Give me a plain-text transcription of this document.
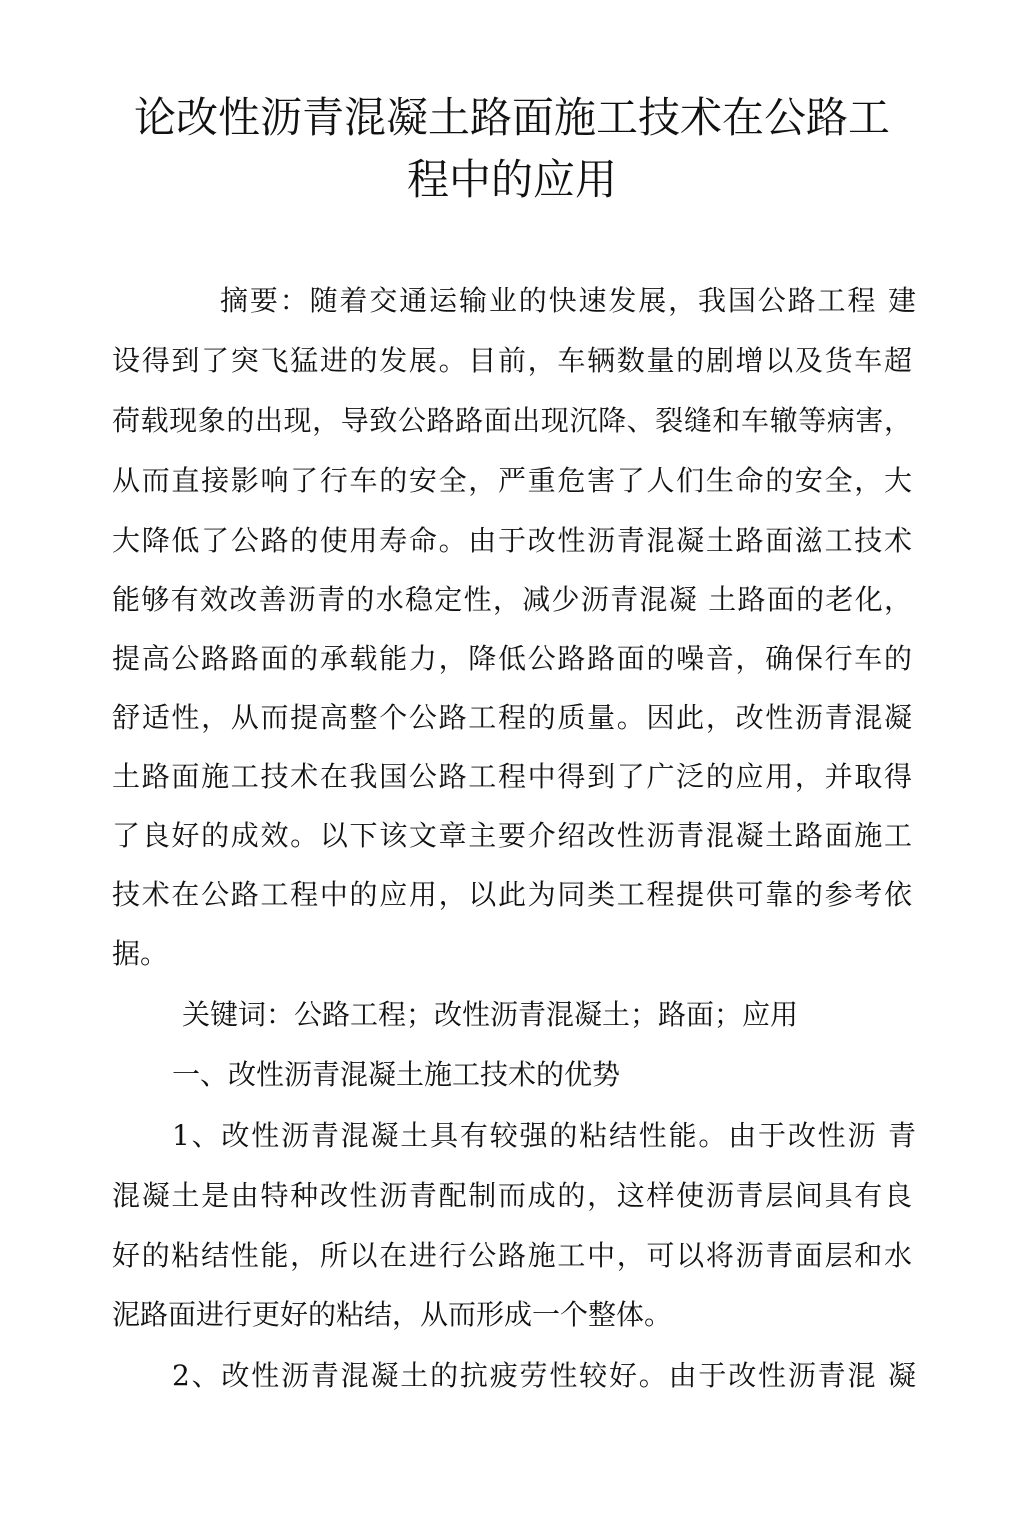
论改性沥青混凝土路面施工技术在公路工
程中的应用
摘要：随着交通运输业的快速发展，我国公路工程 建
设得到了突飞猛进的发展。目前，车辆数量的剧增以及货车超
荷载现象的出现，导致公路路面出现沉降、裂缝和车辙等病害，
从而直接影响了行车的安全，严重危害了人们生命的安全，大
大降低了公路的使用寿命。由于改性沥青混凝土路面滋工技术
能够有效改善沥青的水稳定性，减少沥青混凝 土路面的老化，
提高公路路面的承载能力，降低公路路面的噪音，确保行车的
舒适性，从而提高整个公路工程的质量。因此，改性沥青混凝
土路面施工技术在我国公路工程中得到了广泛的应用，并取得
了良好的成效。以下该文章主要介绍改性沥青混凝土路面施工
技术在公路工程中的应用，以此为同类工程提供可靠的参考依
据。
关键词：公路工程；改性沥青混凝土；路面；应用
一、改性沥青混凝土施工技术的优势
1、改性沥青混凝土具有较强的粘结性能。由于改性沥 青
混凝土是由特种改性沥青配制而成的，这样使沥青层间具有良
好的粘结性能，所以在进行公路施工中，可以将沥青面层和水
泥路面进行更好的粘结，从而形成一个整体。
2、改性沥青混凝土的抗疲劳性较好。由于改性沥青混 凝
